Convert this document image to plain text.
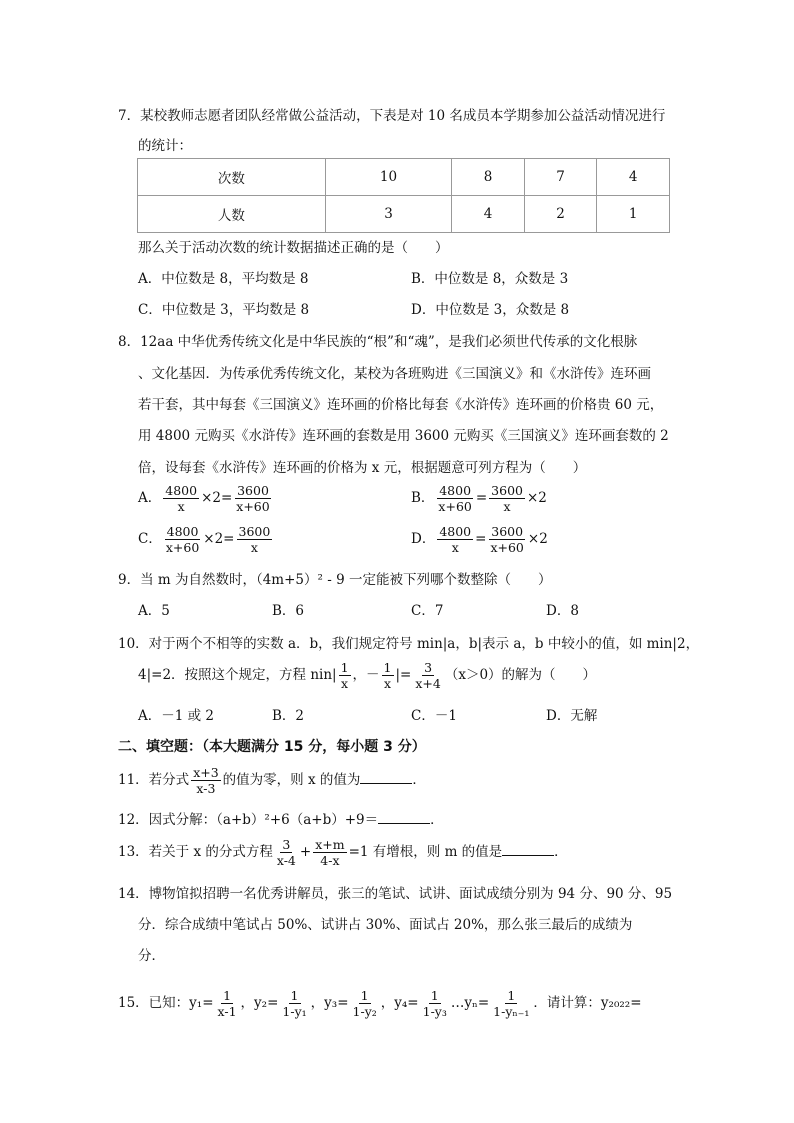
7．某校教师志愿者团队经常做公益活动，下表是对 10 名成员本学期参加公益活动情况进行
的统计：
次数	10	8	7	4
人数	3	4	2	1
那么关于活动次数的统计数据描述正确的是（　　）
A．中位数是 8，平均数是 8	B．中位数是 8，众数是 3
C．中位数是 3，平均数是 8	D．中位数是 3，众数是 8
8．12aa 中华优秀传统文化是中华民族的“根”和“魂”，是我们必须世代传承的文化根脉
、文化基因．为传承优秀传统文化，某校为各班购进《三国演义》和《水浒传》连环画
若干套，其中每套《三国演义》连环画的价格比每套《水浒传》连环画的价格贵 60 元，
用 4800 元购买《水浒传》连环画的套数是用 3600 元购买《三国演义》连环画套数的 2
倍，设每套《水浒传》连环画的价格为 x 元，根据题意可列方程为（　　）
A． $\frac{4800}{x} \times 2= \frac{3600}{x+60}$	B． $\frac{4800}{x+60} = \frac{3600}{x} \times 2$
C． $\frac{4800}{x+60} \times 2= \frac{3600}{x}$	D． $\frac{4800}{x} = \frac{3600}{x+60} \times 2$
9．当 m 为自然数时，（4m+5）² - 9 一定能被下列哪个数整除（　　）
A．5	B．6	C．7	D．8
10．对于两个不相等的实数 a．b，我们规定符号 min|a，b|表示 a，b 中较小的值，如 min|2，
4|=2．按照这个规定，方程 $nin| \frac{1}{x}$ ，－ $\frac{1}{x}$ |= $\frac{3}{x+4} (x>0)$的解为（　　）
A．－1 或 2	B．2	C．－1	D．无解
二、填空题：（本大题满分 15 分，每小题 3 分）
11．若分式 $\frac{x+3}{x-3}$ 的值为零，则 x 的值为	．
12．因式分解：（a+b）²+6（a+b）+9＝	．
13．若关于 x 的分式方程 $\frac{3}{x-4} + \frac{x+m}{4-x} =1$ 有增根，则 m 的值是	．
14．博物馆拟招聘一名优秀讲解员，张三的笔试、试讲、面试成绩分别为 94 分、90 分、95
分．综合成绩中笔试占 50%、试讲占 30%、面试占 20%，那么张三最后的成绩为
分．
15．已知：$y_1= \frac{1}{x-1}$ ，$y_2= \frac{1}{\text{1-y₁}}$ ，$y_3= \frac{1}{\text{1-y₂}}$ ，$y_4= \frac{1}{\text{1-y₃}}$ …yₙ= $\frac{1}{\text{1-yₙ₋₁}}$ ．请计算：y₂₀₂₂=
